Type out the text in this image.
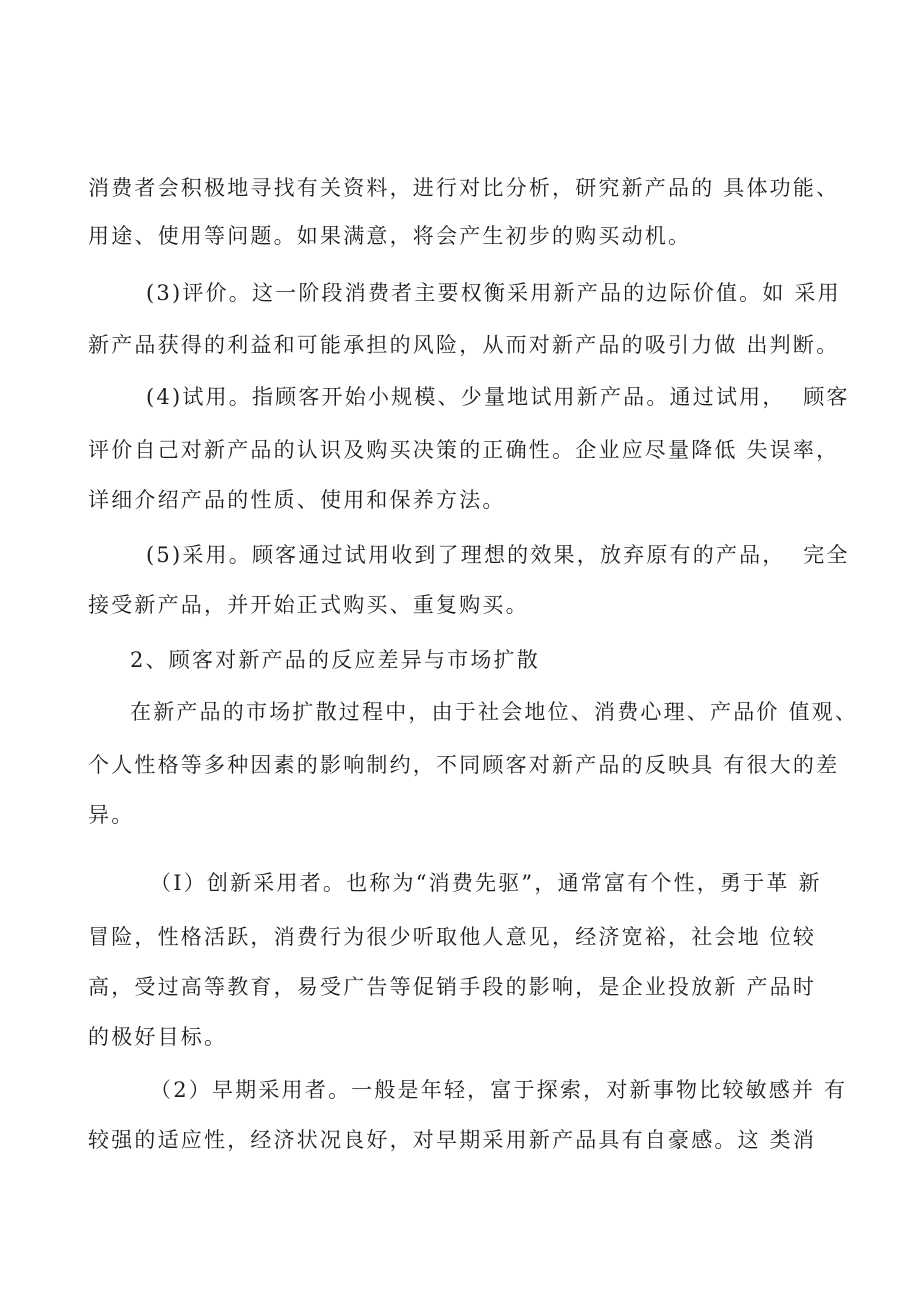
消费者会积极地寻找有关资料，进行对比分析，研究新产品的 具体功能、
用途、使用等问题。如果满意，将会产生初步的购买动机。
(3)评价。这一阶段消费者主要权衡采用新产品的边际价值。如 采用
新产品获得的利益和可能承担的风险，从而对新产品的吸引力做 出判断。
(4)试用。指顾客开始小规模、少量地试用新产品。通过试用，  顾客
评价自己对新产品的认识及购买决策的正确性。企业应尽量降低 失误率，
详细介绍产品的性质、使用和保养方法。
(5)采用。顾客通过试用收到了理想的效果，放弃原有的产品，  完全
接受新产品，并开始正式购买、重复购买。
2、顾客对新产品的反应差异与市场扩散
在新产品的市场扩散过程中，由于社会地位、消费心理、产品价 值观、
个人性格等多种因素的影响制约，不同顾客对新产品的反映具 有很大的差
异。
（I）创新采用者。也称为“消费先驱”，通常富有个性，勇于革 新
冒险，性格活跃，消费行为很少听取他人意见，经济宽裕，社会地 位较
高，受过高等教育，易受广告等促销手段的影响，是企业投放新 产品时
的极好目标。
（2）早期采用者。一般是年轻，富于探索，对新事物比较敏感并 有
较强的适应性，经济状况良好，对早期采用新产品具有自豪感。这 类消
